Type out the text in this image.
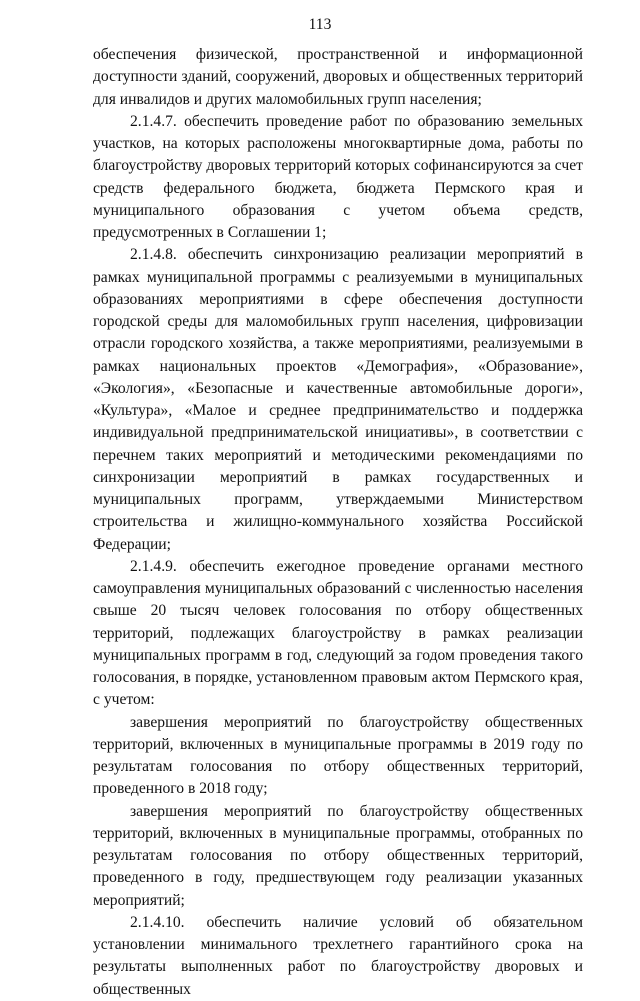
113

обеспечения физической, пространственной и информационной доступности зданий, сооружений, дворовых и общественных территорий для инвалидов и других маломобильных групп населения;

2.1.4.7. обеспечить проведение работ по образованию земельных участков, на которых расположены многоквартирные дома, работы по благоустройству дворовых территорий которых софинансируются за счет средств федерального бюджета, бюджета Пермского края и муниципального образования с учетом объема средств, предусмотренных в Соглашении 1;

2.1.4.8. обеспечить синхронизацию реализации мероприятий в рамках муниципальной программы с реализуемыми в муниципальных образованиях мероприятиями в сфере обеспечения доступности городской среды для маломобильных групп населения, цифровизации отрасли городского хозяйства, а также мероприятиями, реализуемыми в рамках национальных проектов «Демография», «Образование», «Экология», «Безопасные и качественные автомобильные дороги», «Культура», «Малое и среднее предпринимательство и поддержка индивидуальной предпринимательской инициативы», в соответствии с перечнем таких мероприятий и методическими рекомендациями по синхронизации мероприятий в рамках государственных и муниципальных программ, утверждаемыми Министерством строительства и жилищно-коммунального хозяйства Российской Федерации;

2.1.4.9. обеспечить ежегодное проведение органами местного самоуправления муниципальных образований с численностью населения свыше 20 тысяч человек голосования по отбору общественных территорий, подлежащих благоустройству в рамках реализации муниципальных программ в год, следующий за годом проведения такого голосования, в порядке, установленном правовым актом Пермского края, с учетом:

завершения мероприятий по благоустройству общественных территорий, включенных в муниципальные программы в 2019 году по результатам голосования по отбору общественных территорий, проведенного в 2018 году;

завершения мероприятий по благоустройству общественных территорий, включенных в муниципальные программы, отобранных по результатам голосования по отбору общественных территорий, проведенного в году, предшествующем году реализации указанных мероприятий;

2.1.4.10. обеспечить наличие условий об обязательном установлении минимального трехлетнего гарантийного срока на результаты выполненных работ по благоустройству дворовых и общественных
